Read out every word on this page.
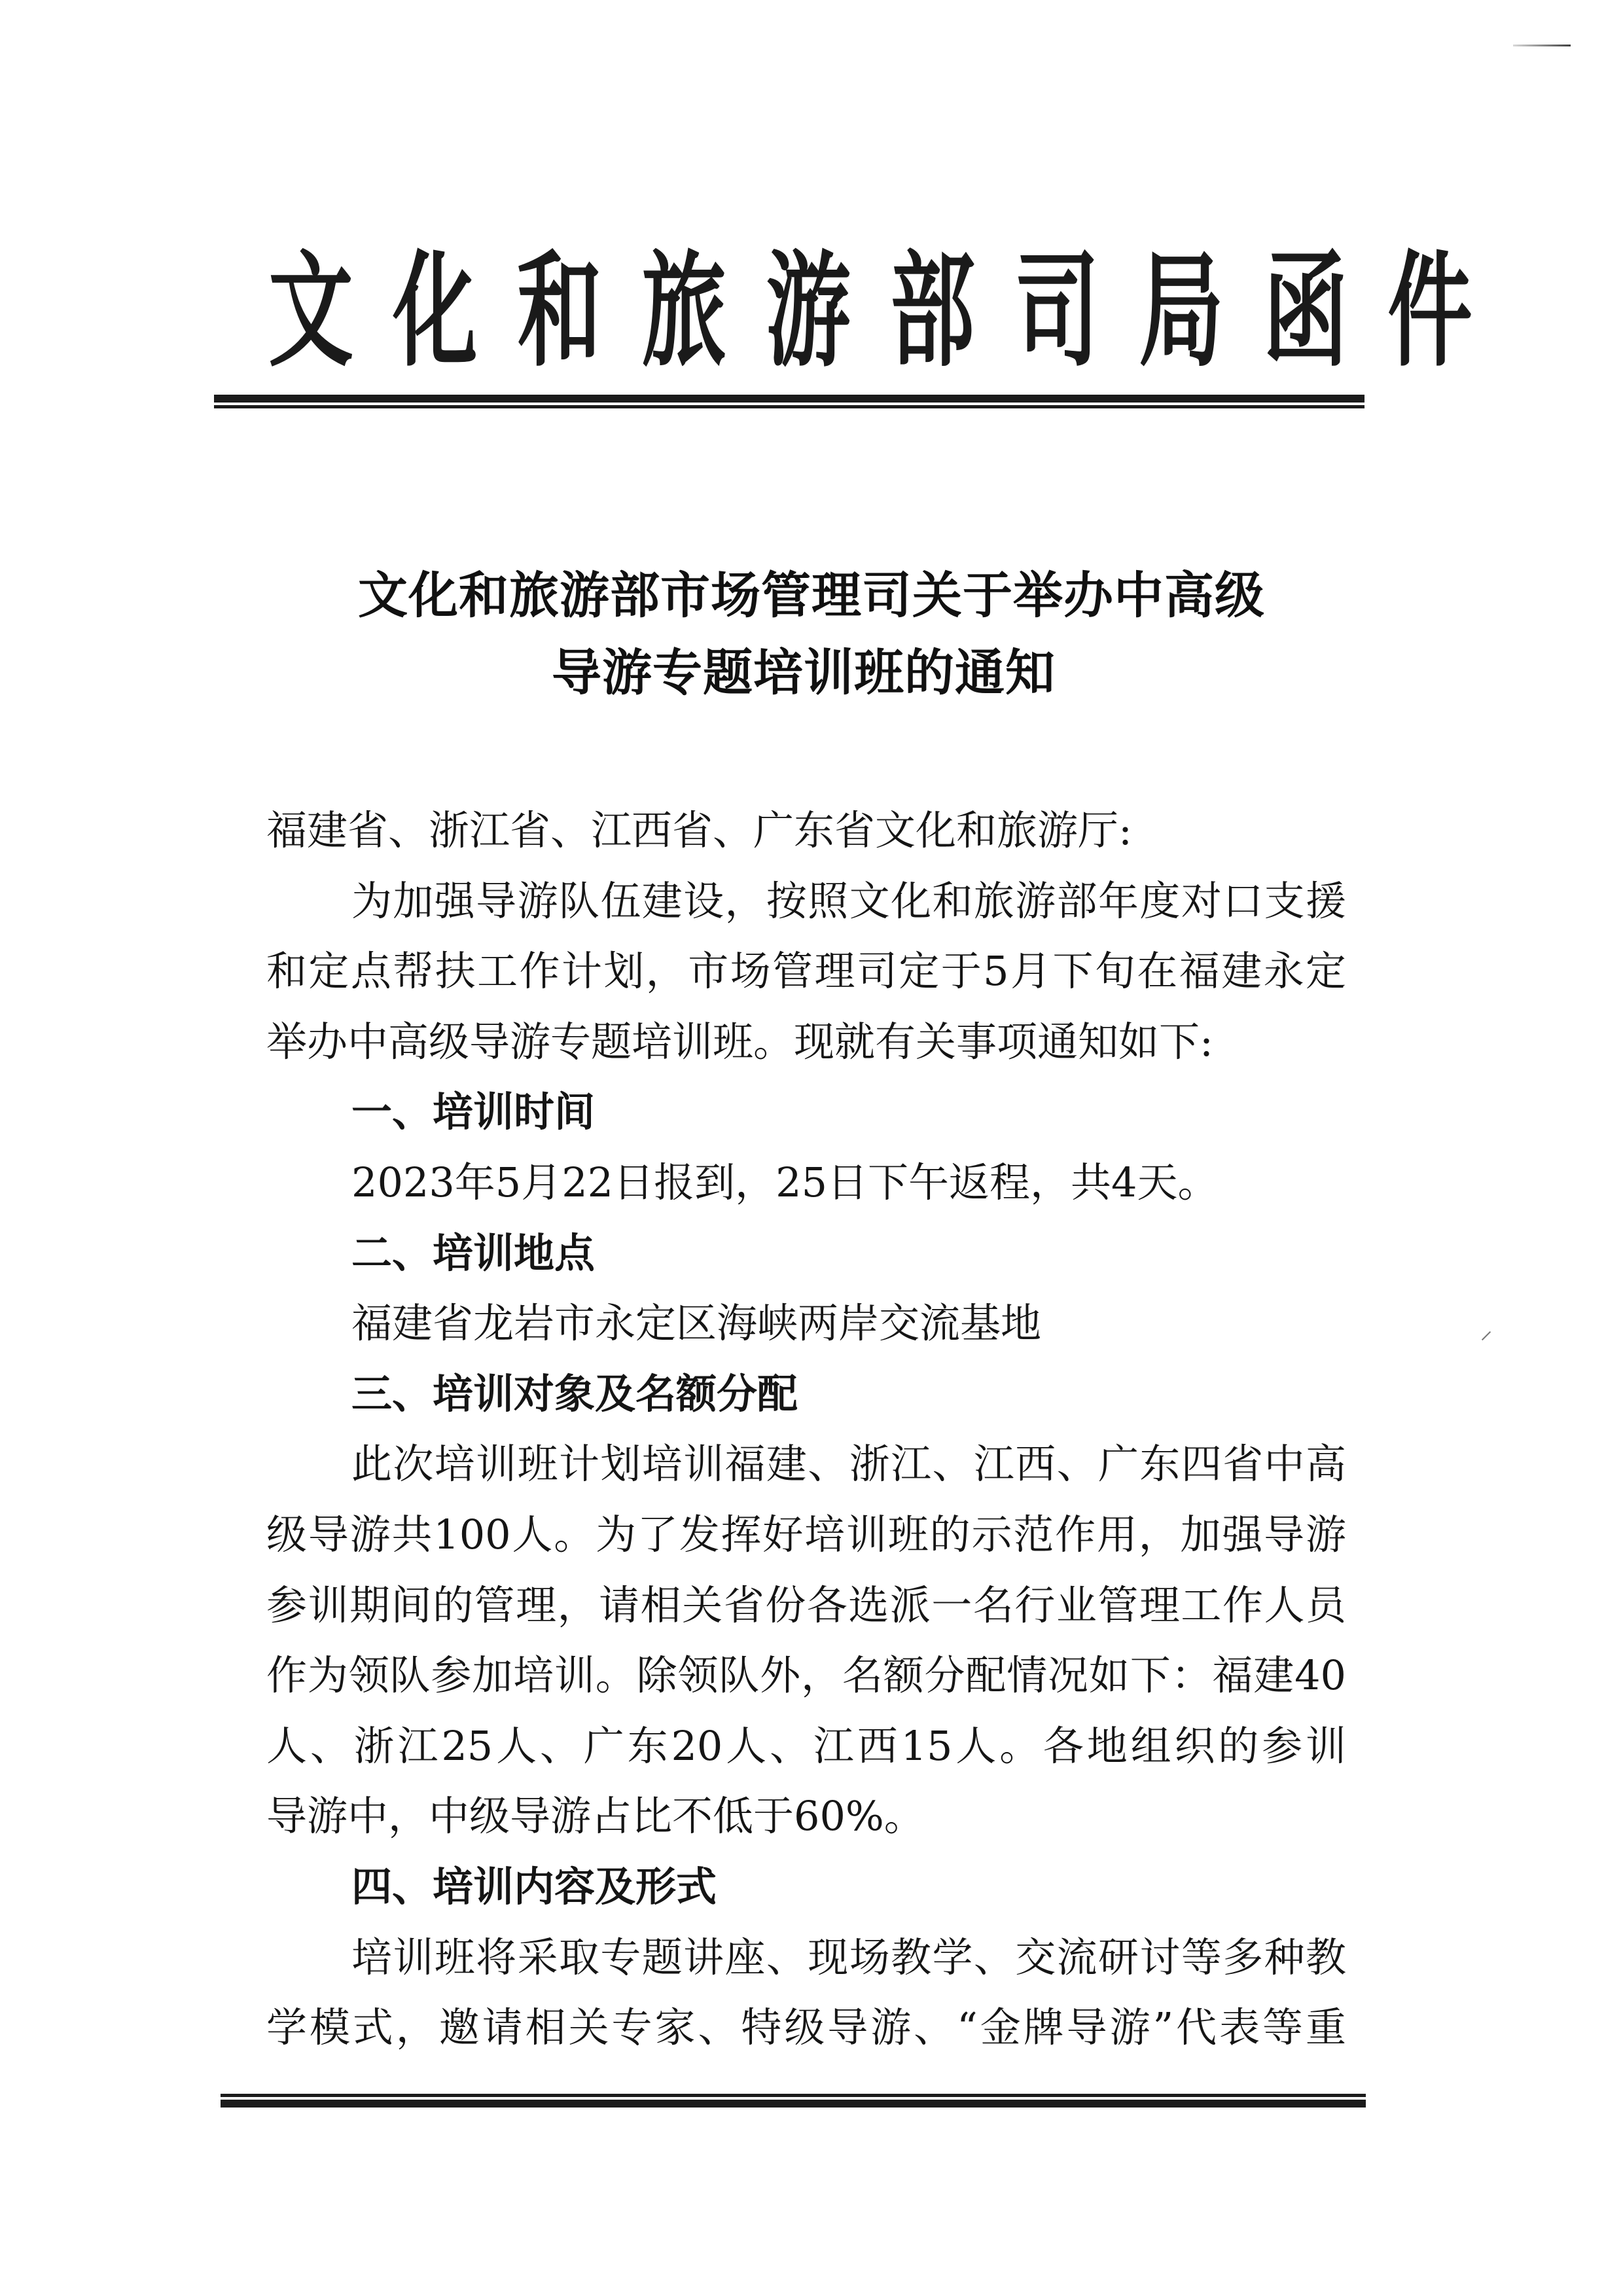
文 化 和 旅 游 部 司 局 函 件
文化和旅游部市场管理司关于举办中高级
导游专题培训班的通知
福建省、浙江省、江西省、广东省文化和旅游厅:
为加强导游队伍建设，按照文化和旅游部年度对口支援
和定点帮扶工作计划，市场管理司定于5月下旬在福建永定
举办中高级导游专题培训班。现就有关事项通知如下:
一、培训时间
2023年5月22日报到，25日下午返程，共4天。
二、培训地点
福建省龙岩市永定区海峡两岸交流基地
三、培训对象及名额分配
此次培训班计划培训福建、浙江、江西、广东四省中高
级导游共100人。为了发挥好培训班的示范作用，加强导游
参训期间的管理，请相关省份各选派一名行业管理工作人员
作为领队参加培训。除领队外，名额分配情况如下：福建40
人、浙江25人、广东20人、江西15人。各地组织的参训
导游中，中级导游占比不低于60%。
四、培训内容及形式
培训班将采取专题讲座、现场教学、交流研讨等多种教
学模式，邀请相关专家、特级导游、“金牌导游”代表等重
